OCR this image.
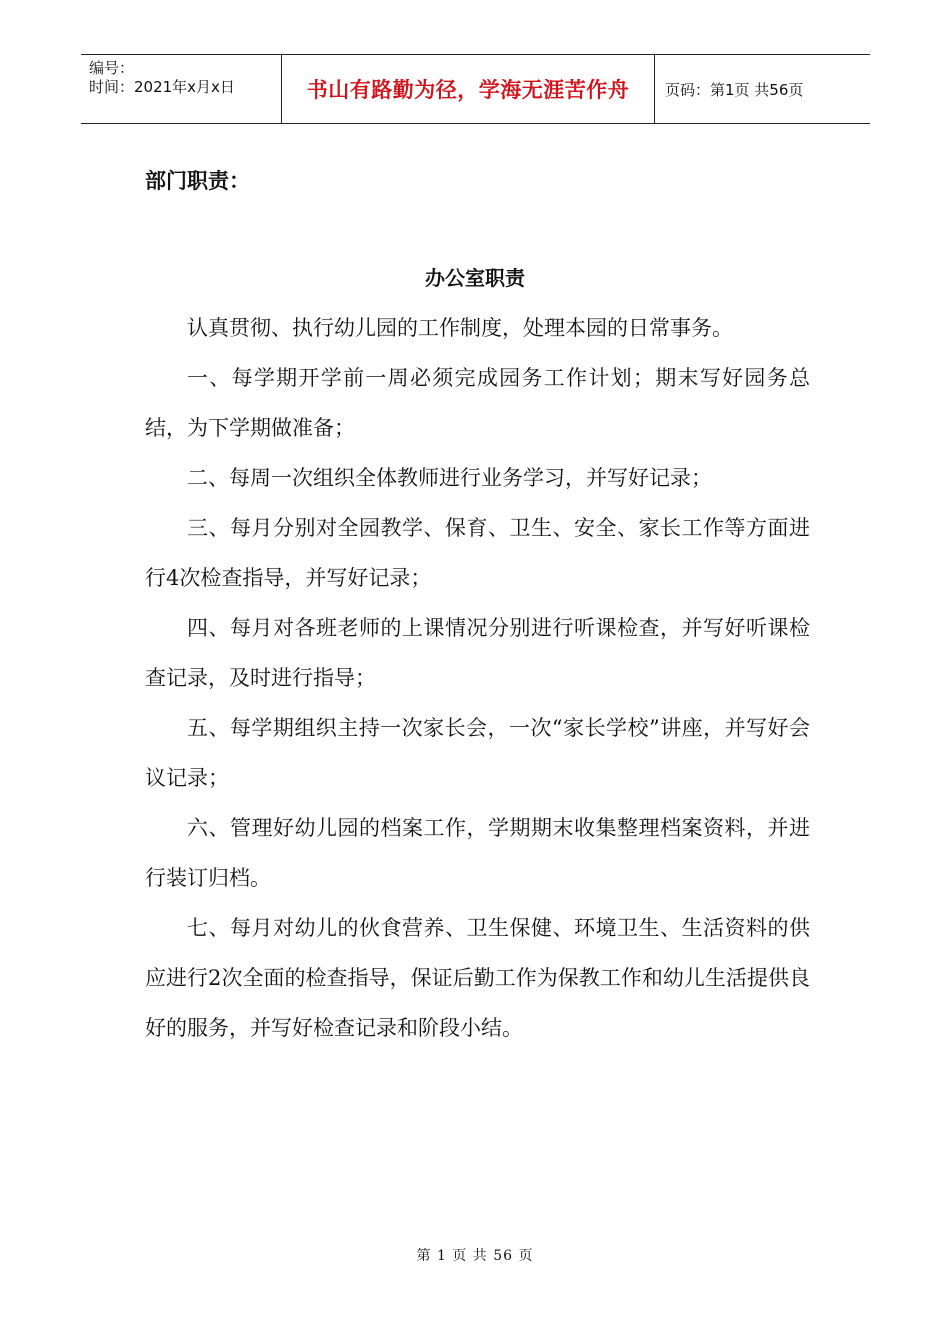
编号：
时间：2021年x月x日	书山有路勤为径，学海无涯苦作舟	页码：第1页 共56页
部门职责：
办公室职责

认真贯彻、执行幼儿园的工作制度，处理本园的日常事务。

一、每学期开学前一周必须完成园务工作计划；期末写好园务总结，为下学期做准备；

二、每周一次组织全体教师进行业务学习，并写好记录；

三、每月分别对全园教学、保育、卫生、安全、家长工作等方面进行4次检查指导，并写好记录；

四、每月对各班老师的上课情况分别进行听课检查，并写好听课检查记录，及时进行指导；

五、每学期组织主持一次家长会，一次“家长学校”讲座，并写好会议记录；

六、管理好幼儿园的档案工作，学期期末收集整理档案资料，并进行装订归档。

七、每月对幼儿的伙食营养、卫生保健、环境卫生、生活资料的供应进行2次全面的检查指导，保证后勤工作为保教工作和幼儿生活提供良好的服务，并写好检查记录和阶段小结。

第 1 页 共 56 页
